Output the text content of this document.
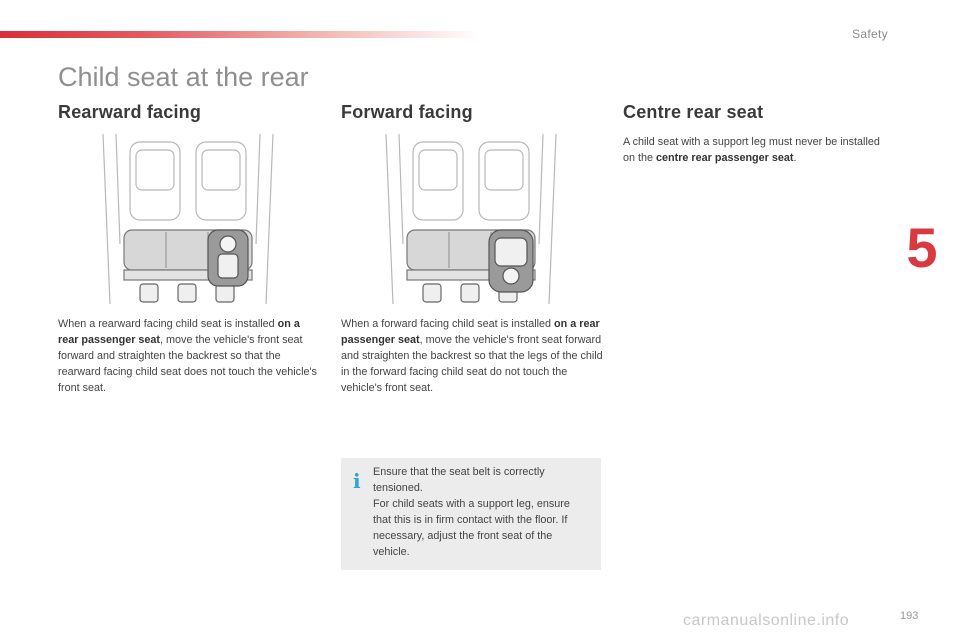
Safety
5
Child seat at the rear
Rearward facing

When a rearward facing child seat is installed on a rear passenger seat, move the vehicle's front seat forward and straighten the backrest so that the rearward facing child seat does not touch the vehicle's front seat.

Forward facing

When a forward facing child seat is installed on a rear passenger seat, move the vehicle's front seat forward and straighten the backrest so that the legs of the child in the forward facing child seat do not touch the vehicle's front seat.

Centre rear seat

A child seat with a support leg must never be installed on the centre rear passenger seat.

i	Ensure that the seat belt is correctly tensioned.
For child seats with a support leg, ensure that this is in firm contact with the floor. If necessary, adjust the front seat of the vehicle.

carmanualsonline.info	193
